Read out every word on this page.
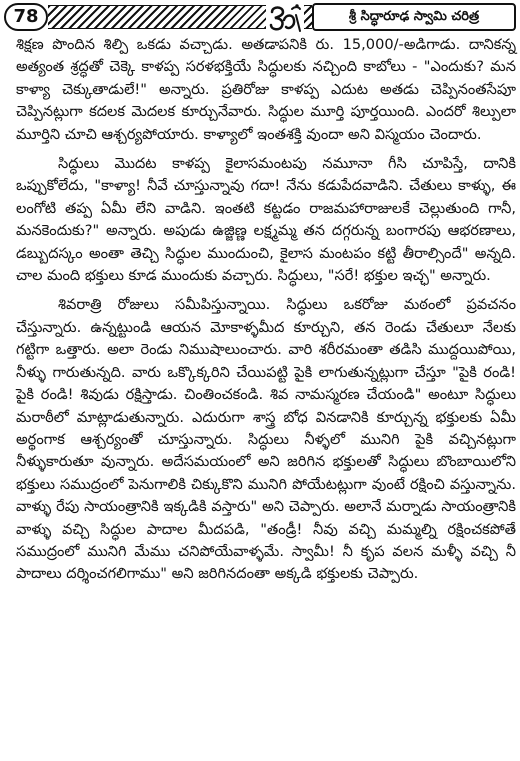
78	శ్రీ సిద్ధారూఢ స్వామి చరిత్ర

శిక్షణ పొందిన శిల్పి ఒకడు వచ్చాడు. అతడాపనికి రు. 15,000/-అడిగాడు. దానికన్న అత్యంత శ్రద్ధతో చెక్కె కాళప్ప సరళభక్తియే సిద్ధులకు నచ్చింది కాబోలు - "ఎందుకు? మన కాళ్యా చెక్కుతాడులే!" అన్నారు. ప్రతిరోజు కాళప్ప ఎదుట అతడు చెప్పినంతసేపూ చెప్పినట్లుగా కదలక మెదలక కూర్చునేవారు. సిద్ధుల మూర్తి పూర్తయింది. ఎందరో శిల్పులా మూర్తిని చూచి ఆశ్చర్యపోయారు. కాళ్యాలో ఇంతశక్తి వుందా అని విస్మయం చెందారు.

సిద్ధులు మొదట కాళప్ప కైలాసమంటపు నమూనా గీసి చూపిస్తే, దానికి ఒప్పుకోలేదు, "కాళ్యా! నీవే చూస్తున్నావు గదా! నేను కడుపేదవాడిని. చేతులు కాళ్ళు, ఈ లంగోటి తప్ప ఏమీ లేని వాడిని. ఇంతటి కట్టడం రాజమహారాజులకే చెల్లుతుంది గానీ, మనకెందుకు?" అన్నారు. అపుడు ఉజ్జిణ్ణ లక్ష్మమ్మ తన దగ్గరున్న బంగారపు ఆభరణాలు, డబ్బుదస్కం అంతా తెచ్చి సిద్ధుల ముందుంచి, కైలాస మంటపం కట్టి తీరాల్సిందే" అన్నది. చాల మంది భక్తులు కూడ ముందుకు వచ్చారు. సిద్ధులు, "సరే! భక్తుల ఇచ్ఛ" అన్నారు.

శివరాత్రి రోజులు సమీపిస్తున్నాయి. సిద్ధులు ఒకరోజు మఠంలో ప్రవచనం చేస్తున్నారు. ఉన్నట్టుండి ఆయన మోకాళ్ళమీద కూర్చుని, తన రెండు చేతులూ నేలకు గట్టిగా ఒత్తారు. అలా రెండు నిముషాలుంచారు. వారి శరీరమంతా తడిసి ముద్దయిపోయి, నీళ్ళు గారుతున్నది. వారు ఒక్కొక్కరిని చేయిపట్టి పైకి లాగుతున్నట్లుగా చేస్తూ "పైకి రండి! పైకి రండి! శివుడు రక్షిస్తాడు. చింతించకండి. శివ నామస్మరణ చేయండి" అంటూ సిద్ధులు మరాఠీలో మాట్లాడుతున్నారు. ఎదురుగా శాస్త్ర బోధ వినడానికి కూర్చున్న భక్తులకు ఏమీ అర్థంగాక ఆశ్చర్యంతో చూస్తున్నారు. సిద్ధులు నీళ్ళలో మునిగి పైకి వచ్చినట్లుగా నీళ్ళుకారుతూ వున్నారు. అదేసమయంలో అని జరిగిన భక్తులతో సిద్ధులు బొంబాయిలోని భక్తులు సముద్రంలో పెనుగాలికి చిక్కుకొని మునిగి పోయేటట్లుగా వుంటే రక్షించి వస్తున్నాను. వాళ్ళు రేపు సాయంత్రానికి ఇక్కడికి వస్తారు" అని చెప్పారు. అలానే మర్నాడు సాయంత్రానికి వాళ్ళు వచ్చి సిద్ధుల పాదాల మీదపడి, "తండ్రీ! నీవు వచ్చి మమ్మల్ని రక్షించకపోతే సముద్రంలో మునిగి మేము చనిపోయేవాళ్ళమే. స్వామీ! నీ కృప వలన మళ్ళీ వచ్చి నీ పాదాలు దర్శించగలిగాము" అని జరిగినదంతా అక్కడి భక్తులకు చెప్పారు.
